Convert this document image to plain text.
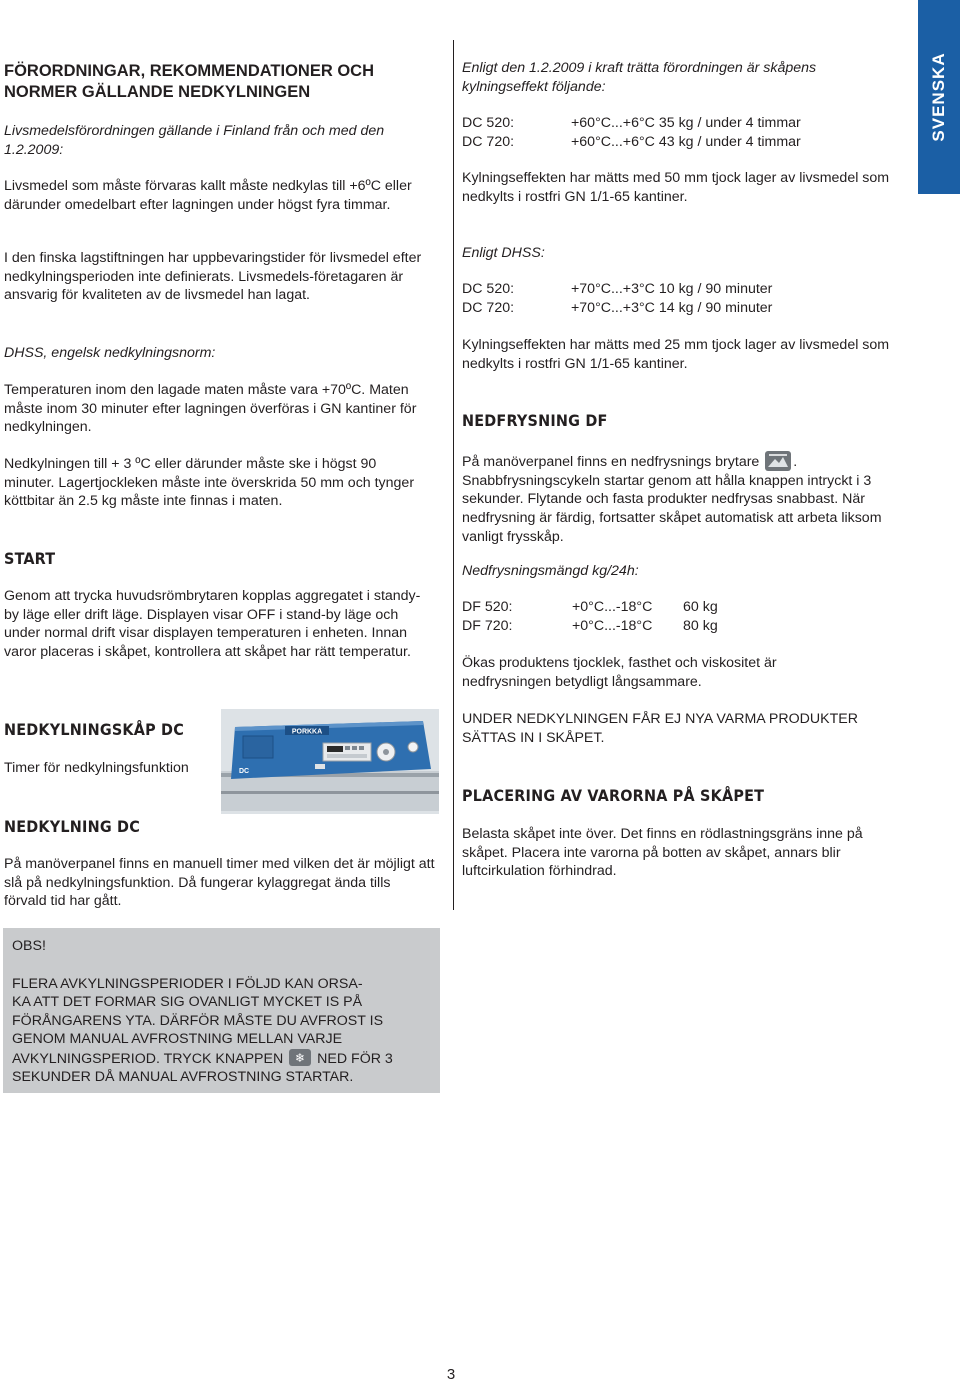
SVENSKA

FÖRORDNINGAR, REKOMMENDATIONER OCH NORMER GÄLLANDE NEDKYLNINGEN

Livsmedelsförordningen gällande i Finland från och med den 1.2.2009:

Livsmedel som måste förvaras kallt måste nedkylas till +6ºC eller därunder omedelbart efter lagningen under högst fyra timmar.

I den finska lagstiftningen har uppbevaringstider för livsmedel efter nedkylningsperioden inte definierats. Livsmedels-företagaren är ansvarig för kvaliteten av de livsmedel han lagat.

DHSS, engelsk nedkylningsnorm:

Temperaturen inom den lagade maten måste vara +70ºC. Maten måste inom 30 minuter efter lagningen överföras i GN kantiner för nedkylningen.

Nedkylningen till + 3 ºC eller därunder måste ske i högst 90 minuter. Lagertjockleken måste inte överskrida 50 mm och tynger köttbitar än 2.5 kg måste inte finnas i maten.

START

Genom att trycka huvudsrömbrytaren kopplas aggregatet i standy-by läge eller drift läge. Displayen visar OFF i stand-by läge och under normal drift visar displayen temperaturen i enheten. Innan varor placeras i skåpet, kontrollera att skåpet har rätt temperatur.

NEDKYLNINGSKÅP DC

Timer för nedkylningsfunktion

NEDKYLNING DC

På manöverpanel finns en manuell timer med vilken det är möjligt att slå på nedkylningsfunktion. Då fungerar kylaggregat ända tills förvald tid har gått.

PORKKA
DC

OBS!

FLERA AVKYLNINGSPERIODER I FÖLJD KAN ORSA-

KA ATT DET FORMAR SIG OVANLIGT MYCKET IS PÅ

FÖRÅNGARENS YTA. DÄRFÖR MÅSTE DU AVFROST IS

GENOM MANUAL AVFROSTNING MELLAN VARJE

AVKYLNINGSPERIOD. TRYCK KNAPPEN ❄ NED FÖR 3

SEKUNDER DÅ MANUAL AVFROSTNING STARTAR.

Enligt den 1.2.2009 i kraft trätta förordningen är skåpens kylningseffekt följande:

DC 520:	+60°C...+6°C 35 kg / under 4 timmar
DC 720:	+60°C...+6°C 43 kg / under 4 timmar

Kylningseffekten har mätts med 50 mm tjock lager av livsmedel som nedkylts i rostfri GN 1/1-65 kantiner.

Enligt DHSS:

DC 520:	+70°C...+3°C 10 kg / 90 minuter
DC 720:	+70°C...+3°C 14 kg / 90 minuter

Kylningseffekten har mätts med 25 mm tjock lager av livsmedel som nedkylts i rostfri GN 1/1-65 kantiner.

NEDFRYSNING DF

På manöverpanel finns en nedfrysnings brytare .
Snabbfrysningscykeln startar genom att hålla knappen intryckt i 3 sekunder. Flytande och fasta produkter nedfrysas snabbast. När nedfrysning är färdig, fortsatter skåpet automatisk att arbeta liksom vanligt frysskåp.

Nedfrysningsmängd kg/24h:

DF 520:	+0°C...-18°C 60 kg
DF 720:	+0°C...-18°C 80 kg

Ökas produktens tjocklek, fasthet och viskositet är nedfrysningen betydligt långsammare.

UNDER NEDKYLNINGEN FÅR EJ NYA VARMA PRODUKTER SÄTTAS IN I SKÅPET.

PLACERING AV VARORNA PÅ SKÅPET

Belasta skåpet inte över. Det finns en rödlastningsgräns inne på skåpet. Placera inte varorna på botten av skåpet, annars blir luftcirkulation förhindrad.

3
